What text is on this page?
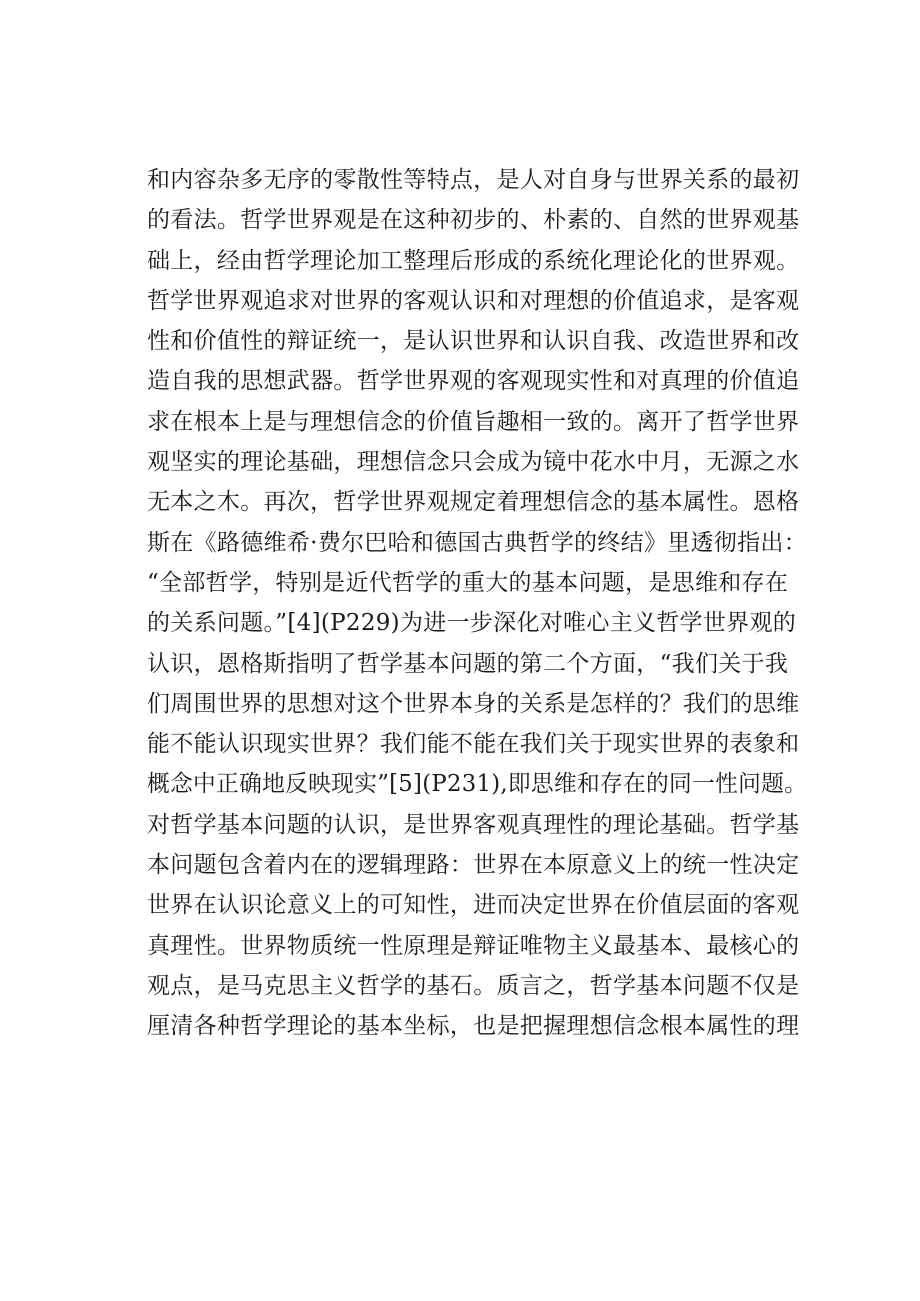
和内容杂多无序的零散性等特点，是人对自身与世界关系的最初
的看法。哲学世界观是在这种初步的、朴素的、自然的世界观基
础上，经由哲学理论加工整理后形成的系统化理论化的世界观。
哲学世界观追求对世界的客观认识和对理想的价值追求，是客观
性和价值性的辩证统一，是认识世界和认识自我、改造世界和改
造自我的思想武器。哲学世界观的客观现实性和对真理的价值追
求在根本上是与理想信念的价值旨趣相一致的。离开了哲学世界
观坚实的理论基础，理想信念只会成为镜中花水中月，无源之水
无本之木。再次，哲学世界观规定着理想信念的基本属性。恩格
斯在《路德维希·费尔巴哈和德国古典哲学的终结》里透彻指出：
“全部哲学，特别是近代哲学的重大的基本问题，是思维和存在
的关系问题。”[4](P229)为进一步深化对唯心主义哲学世界观的
认识，恩格斯指明了哲学基本问题的第二个方面，“我们关于我
们周围世界的思想对这个世界本身的关系是怎样的？我们的思维
能不能认识现实世界？我们能不能在我们关于现实世界的表象和
概念中正确地反映现实”[5](P231),即思维和存在的同一性问题。
对哲学基本问题的认识，是世界客观真理性的理论基础。哲学基
本问题包含着内在的逻辑理路：世界在本原意义上的统一性决定
世界在认识论意义上的可知性，进而决定世界在价值层面的客观
真理性。世界物质统一性原理是辩证唯物主义最基本、最核心的
观点，是马克思主义哲学的基石。质言之，哲学基本问题不仅是
厘清各种哲学理论的基本坐标，也是把握理想信念根本属性的理
